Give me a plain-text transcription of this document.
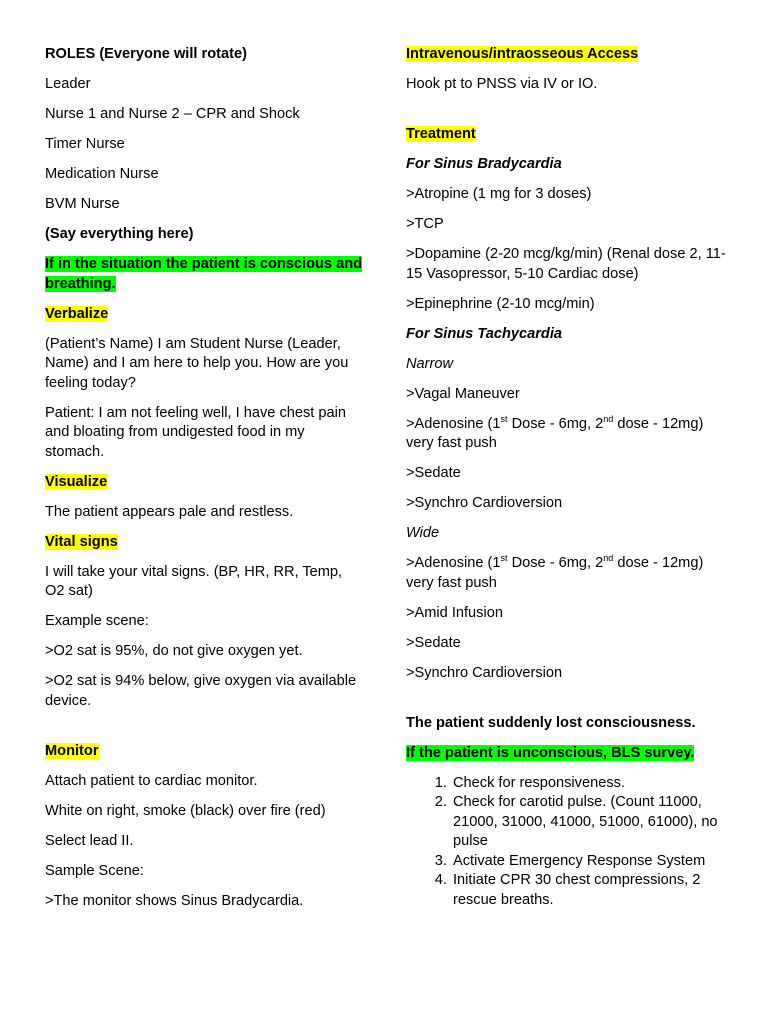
ROLES (Everyone will rotate)

Leader

Nurse 1 and Nurse 2 – CPR and Shock

Timer Nurse

Medication Nurse

BVM Nurse

(Say everything here)

If in the situation the patient is conscious and breathing.

Verbalize

(Patient’s Name) I am Student Nurse (Leader, Name) and I am here to help you. How are you feeling today?

Patient: I am not feeling well, I have chest pain and bloating from undigested food in my stomach.

Visualize

The patient appears pale and restless.

Vital signs

I will take your vital signs. (BP, HR, RR, Temp, O2 sat)

Example scene:

>O2 sat is 95%, do not give oxygen yet.

>O2 sat is 94% below, give oxygen via available device.

Monitor

Attach patient to cardiac monitor.

White on right, smoke (black) over fire (red)

Select lead II.

Sample Scene:

>The monitor shows Sinus Bradycardia.

Intravenous/intraosseous Access

Hook pt to PNSS via IV or IO.

Treatment

For Sinus Bradycardia

>Atropine (1 mg for 3 doses)

>TCP

>Dopamine (2-20 mcg/kg/min) (Renal dose 2, 11-15 Vasopressor, 5-10 Cardiac dose)

>Epinephrine (2-10 mcg/min)

For Sinus Tachycardia

Narrow

>Vagal Maneuver

>Adenosine (1st Dose - 6mg, 2nd dose - 12mg) very fast push

>Sedate

>Synchro Cardioversion

Wide

>Adenosine (1st Dose - 6mg, 2nd dose - 12mg) very fast push

>Amid Infusion

>Sedate

>Synchro Cardioversion

The patient suddenly lost consciousness.

If the patient is unconscious, BLS survey.

1. Check for responsiveness.
2. Check for carotid pulse. (Count 11000, 21000, 31000, 41000, 51000, 61000), no pulse
3. Activate Emergency Response System
4. Initiate CPR 30 chest compressions, 2 rescue breaths.
